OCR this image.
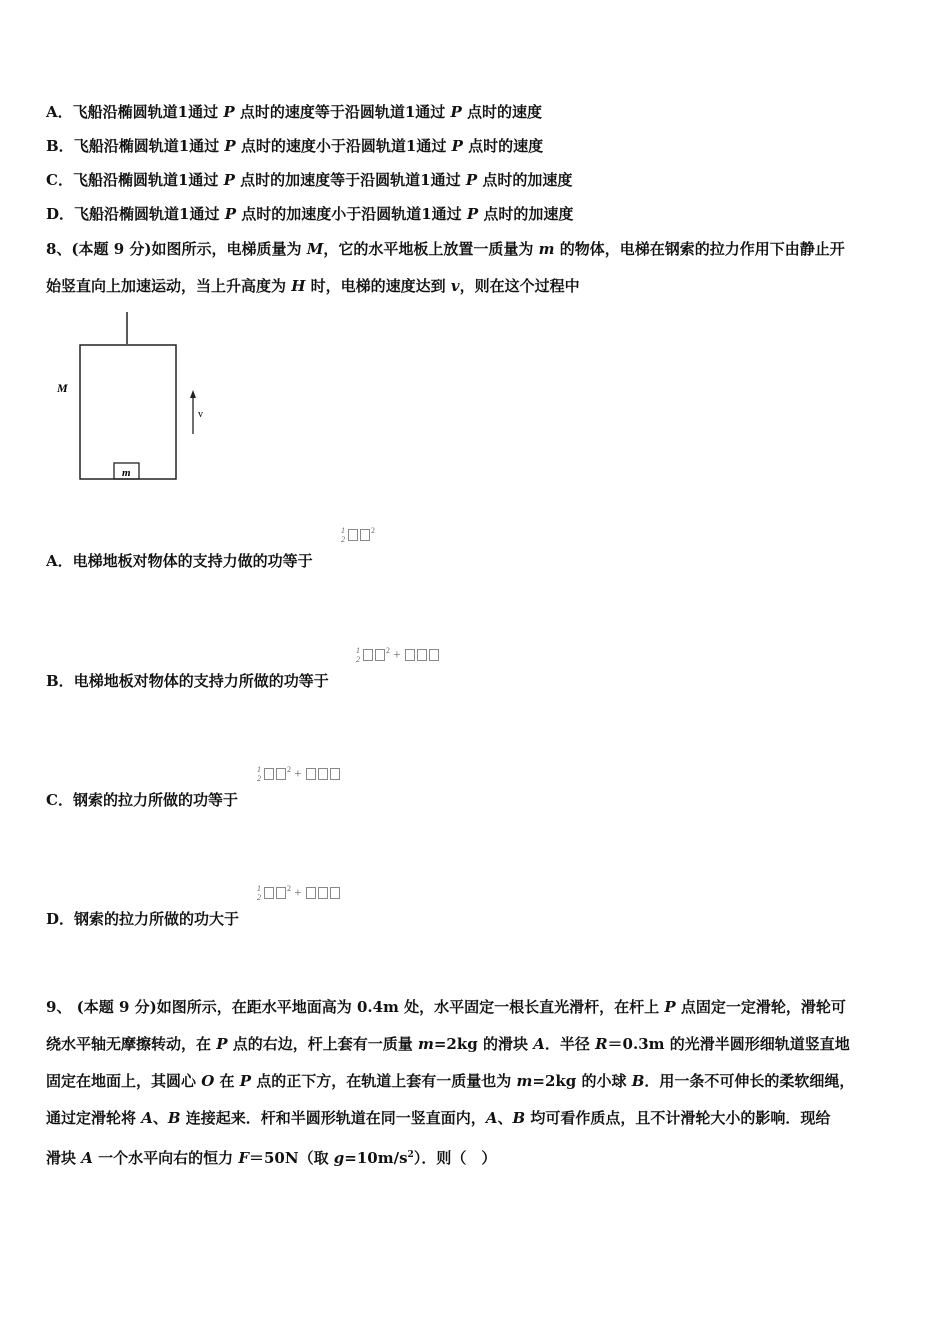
A．飞船沿椭圆轨道1通过 P 点时的速度等于沿圆轨道1通过 P 点时的速度
B．飞船沿椭圆轨道1通过 P 点时的速度小于沿圆轨道1通过 P 点时的速度
C．飞船沿椭圆轨道1通过 P 点时的加速度等于沿圆轨道1通过 P 点时的加速度
D．飞船沿椭圆轨道1通过 P 点时的加速度小于沿圆轨道1通过 P 点时的加速度
8、(本题 9 分)如图所示，电梯质量为 M，它的水平地板上放置一质量为 m 的物体，电梯在钢索的拉力作用下由静止开
始竖直向上加速运动，当上升高度为 H 时，电梯的速度达到 v，则在这个过程中
m
M
v
A．电梯地板对物体的支持力做的功等于
1
$2^2$
B．电梯地板对物体的支持力所做的功等于
1
$2^2$ +
C．钢索的拉力所做的功等于
1
$2^2$ +
D．钢索的拉力所做的功大于
1
$2^2$ +
9、 (本题 9 分)如图所示，在距水平地面高为 0.4m 处，水平固定一根长直光滑杆，在杆上 P 点固定一定滑轮，滑轮可
绕水平轴无摩擦转动，在 P 点的右边，杆上套有一质量 m=2kg 的滑块 A．半径 R＝0.3m 的光滑半圆形细轨道竖直地
固定在地面上，其圆心 O 在 P 点的正下方，在轨道上套有一质量也为 m=2kg 的小球 B．用一条不可伸长的柔软细绳，
通过定滑轮将 A、B 连接起来．杆和半圆形轨道在同一竖直面内，A、B 均可看作质点，且不计滑轮大小的影响．现给
滑块 A 一个水平向右的恒力 F＝50N（取 $g=10m/s^2$）．则（　）
